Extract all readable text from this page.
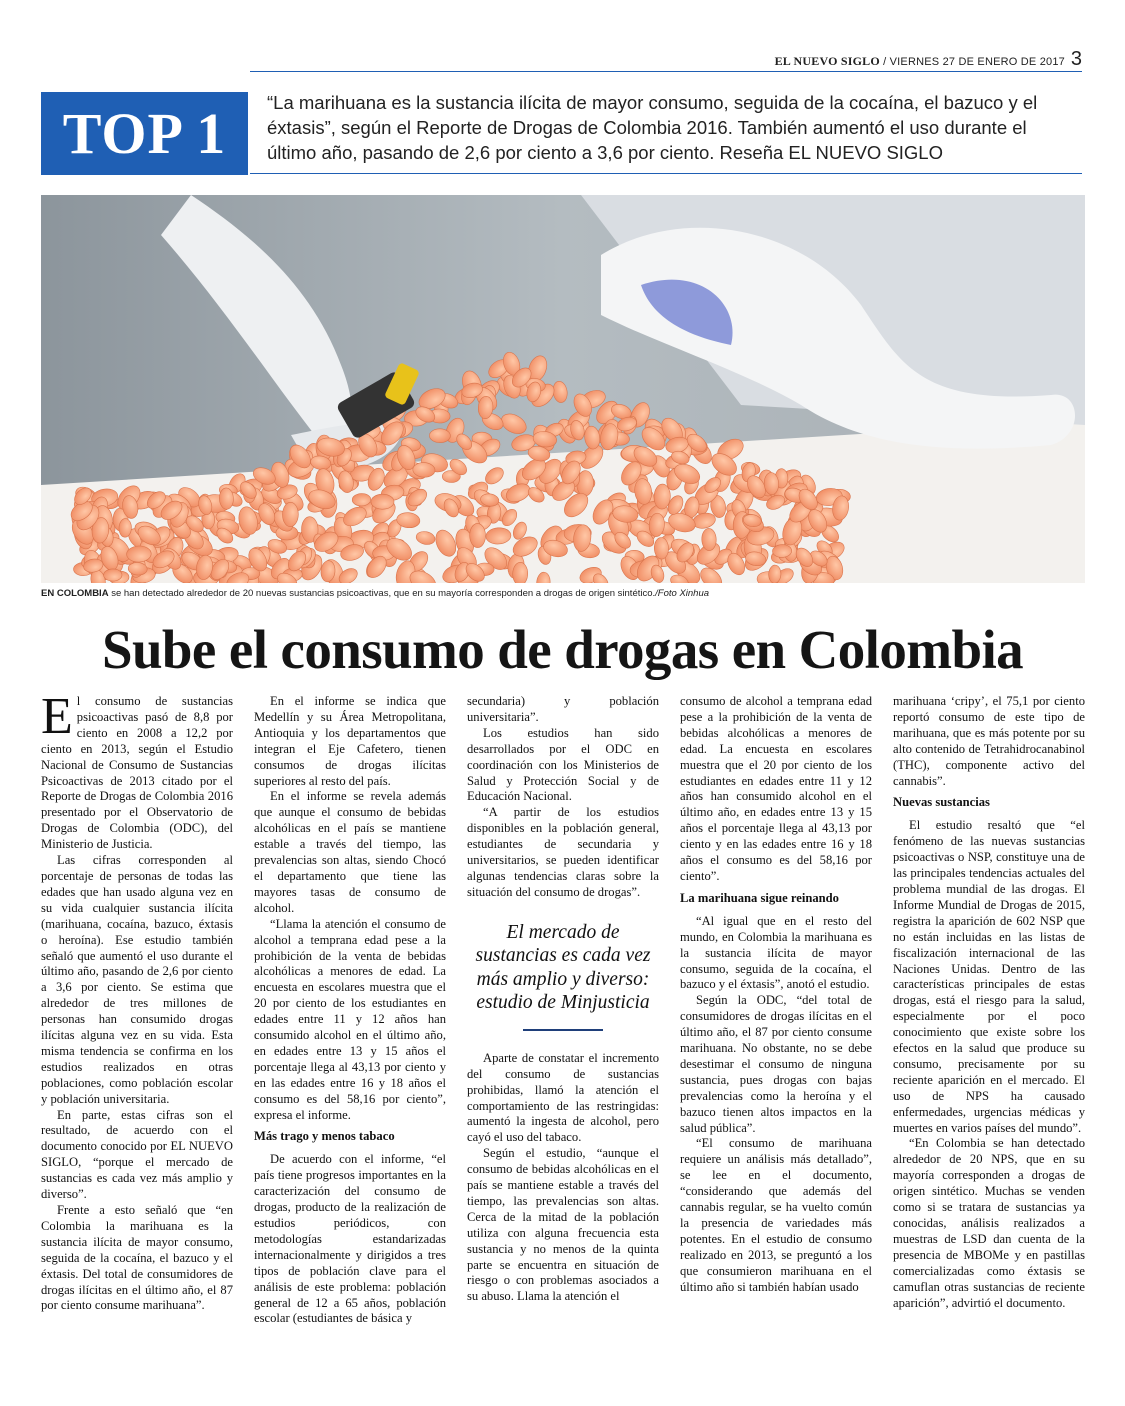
EL NUEVO SIGLO / VIERNES 27 DE ENERO DE 2017 3
TOP 1	“La marihuana es la sustancia ilícita de mayor consumo, seguida de la cocaína, el bazuco y el éxtasis”, según el Reporte de Drogas de Colombia 2016. También aumentó el uso durante el último año, pasando de 2,6 por ciento a 3,6 por ciento. Reseña EL NUEVO SIGLO
EN COLOMBIA se han detectado alrededor de 20 nuevas sustancias psicoactivas, que en su mayoría corresponden a drogas de origen sintético./Foto Xinhua
Sube el consumo de drogas en Colombia

El consumo de sustancias psicoactivas pasó de 8,8 por ciento en 2008 a 12,2 por ciento en 2013, según el Estudio Nacional de Consumo de Sustancias Psicoactivas de 2013 citado por el Reporte de Drogas de Colombia 2016 presentado por el Observatorio de Drogas de Colombia (ODC), del Ministerio de Justicia.

Las cifras corresponden al porcentaje de personas de todas las edades que han usado alguna vez en su vida cualquier sustancia ilícita (marihuana, cocaína, bazuco, éxtasis o heroína). Ese estudio también señaló que aumentó el uso durante el último año, pasando de 2,6 por ciento a 3,6 por ciento. Se estima que alrededor de tres millones de personas han consumido drogas ilícitas alguna vez en su vida. Esta misma tendencia se confirma en los estudios realizados en otras poblaciones, como población escolar y población universitaria.

En parte, estas cifras son el resultado, de acuerdo con el documento conocido por EL NUEVO SIGLO, “porque el mercado de sustancias es cada vez más amplio y diverso”.

Frente a esto señaló que “en Colombia la marihuana es la sustancia ilícita de mayor consumo, seguida de la cocaína, el bazuco y el éxtasis. Del total de consumidores de drogas ilícitas en el último año, el 87 por ciento consume marihuana”.

En el informe se indica que Medellín y su Área Metropolitana, Antioquia y los departamentos que integran el Eje Cafetero, tienen consumos de drogas ilícitas superiores al resto del país.

En el informe se revela además que aunque el consumo de bebidas alcohólicas en el país se mantiene estable a través del tiempo, las prevalencias son altas, siendo Chocó el departamento que tiene las mayores tasas de consumo de alcohol.

“Llama la atención el consumo de alcohol a temprana edad pese a la prohibición de la venta de bebidas alcohólicas a menores de edad. La encuesta en escolares muestra que el 20 por ciento de los estudiantes en edades entre 11 y 12 años han consumido alcohol en el último año, en edades entre 13 y 15 años el porcentaje llega al 43,13 por ciento y en las edades entre 16 y 18 años el consumo es del 58,16 por ciento”, expresa el informe.

Más trago y menos tabaco

De acuerdo con el informe, “el país tiene progresos importantes en la caracterización del consumo de drogas, producto de la realización de estudios periódicos, con metodologías estandarizadas internacionalmente y dirigidos a tres tipos de población clave para el análisis de este problema: población general de 12 a 65 años, población escolar (estudiantes de básica y

secundaria) y población universitaria”.

Los estudios han sido desarrollados por el ODC en coordinación con los Ministerios de Salud y Protección Social y de Educación Nacional.

“A partir de los estudios disponibles en la población general, estudiantes de secundaria y universitarios, se pueden identificar algunas tendencias claras sobre la situación del consumo de drogas”.

El mercado de sustancias es cada vez más amplio y diverso: estudio de Minjusticia

Aparte de constatar el incremento del consumo de sustancias prohibidas, llamó la atención el comportamiento de las restringidas: aumentó la ingesta de alcohol, pero cayó el uso del tabaco.

Según el estudio, “aunque el consumo de bebidas alcohólicas en el país se mantiene estable a través del tiempo, las prevalencias son altas. Cerca de la mitad de la población utiliza con alguna frecuencia esta sustancia y no menos de la quinta parte se encuentra en situación de riesgo o con problemas asociados a su abuso. Llama la atención el

consumo de alcohol a temprana edad pese a la prohibición de la venta de bebidas alcohólicas a menores de edad. La encuesta en escolares muestra que el 20 por ciento de los estudiantes en edades entre 11 y 12 años han consumido alcohol en el último año, en edades entre 13 y 15 años el porcentaje llega al 43,13 por ciento y en las edades entre 16 y 18 años el consumo es del 58,16 por ciento”.

La marihuana sigue reinando

“Al igual que en el resto del mundo, en Colombia la marihuana es la sustancia ilícita de mayor consumo, seguida de la cocaína, el bazuco y el éxtasis”, anotó el estudio.

Según la ODC, “del total de consumidores de drogas ilícitas en el último año, el 87 por ciento consume marihuana. No obstante, no se debe desestimar el consumo de ninguna sustancia, pues drogas con bajas prevalencias como la heroína y el bazuco tienen altos impactos en la salud pública”.

“El consumo de marihuana requiere un análisis más detallado”, se lee en el documento, “considerando que además del cannabis regular, se ha vuelto común la presencia de variedades más potentes. En el estudio de consumo realizado en 2013, se preguntó a los que consumieron marihuana en el último año si también habían usado

marihuana ‘cripy’, el 75,1 por ciento reportó consumo de este tipo de marihuana, que es más potente por su alto contenido de Tetrahidrocanabinol (THC), componente activo del cannabis”.

Nuevas sustancias

El estudio resaltó que “el fenómeno de las nuevas sustancias psicoactivas o NSP, constituye una de las principales tendencias actuales del problema mundial de las drogas. El Informe Mundial de Drogas de 2015, registra la aparición de 602 NSP que no están incluidas en las listas de fiscalización internacional de las Naciones Unidas. Dentro de las características principales de estas drogas, está el riesgo para la salud, especialmente por el poco conocimiento que existe sobre los efectos en la salud que produce su consumo, precisamente por su reciente aparición en el mercado. El uso de NPS ha causado enfermedades, urgencias médicas y muertes en varios países del mundo”.

“En Colombia se han detectado alrededor de 20 NPS, que en su mayoría corresponden a drogas de origen sintético. Muchas se venden como si se tratara de sustancias ya conocidas, análisis realizados a muestras de LSD dan cuenta de la presencia de MBOMe y en pastillas comercializadas como éxtasis se camuflan otras sustancias de reciente aparición”, advirtió el documento.
